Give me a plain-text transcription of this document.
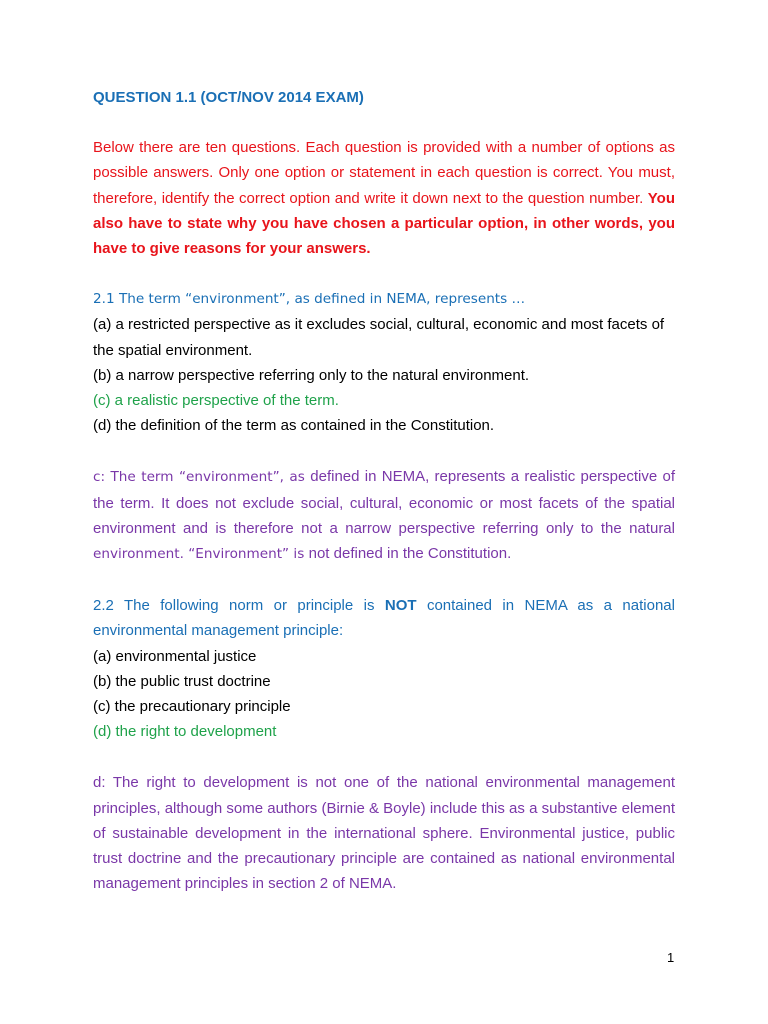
QUESTION 1.1 (OCT/NOV 2014 EXAM)

Below there are ten questions. Each question is provided with a number of options as possible answers. Only one option or statement in each question is correct. You must, therefore, identify the correct option and write it down next to the question number. You also have to state why you have chosen a particular option, in other words, you have to give reasons for your answers.

2.1 The term “environment”, as defined in NEMA, represents …
(a) a restricted perspective as it excludes social, cultural, economic and most facets of the spatial environment.
(b) a narrow perspective referring only to the natural environment.
(c) a realistic perspective of the term.
(d) the definition of the term as contained in the Constitution.

c: The term “environment”, as defined in NEMA, represents a realistic perspective of the term. It does not exclude social, cultural, economic or most facets of the spatial environment and is therefore not a narrow perspective referring only to the natural environment. “Environment” is not defined in the Constitution.

2.2 The following norm or principle is NOT contained in NEMA as a national environmental management principle:
(a) environmental justice
(b) the public trust doctrine
(c) the precautionary principle
(d) the right to development

d: The right to development is not one of the national environmental management principles, although some authors (Birnie & Boyle) include this as a substantive element of sustainable development in the international sphere. Environmental justice, public trust doctrine and the precautionary principle are contained as national environmental management principles in section 2 of NEMA.

1
